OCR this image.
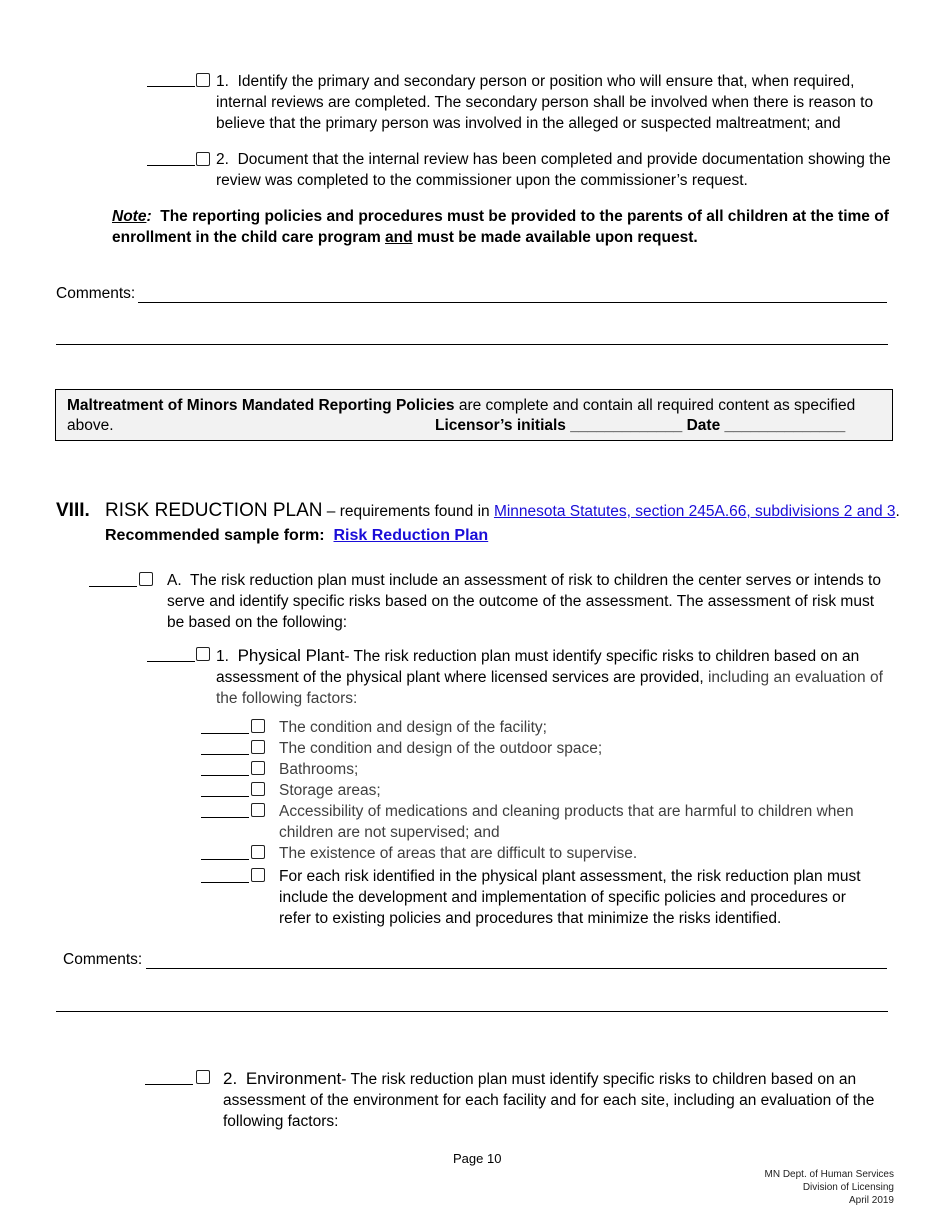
1. Identify the primary and secondary person or position who will ensure that, when required, internal reviews are completed. The secondary person shall be involved when there is reason to believe that the primary person was involved in the alleged or suspected maltreatment; and
2. Document that the internal review has been completed and provide documentation showing the review was completed to the commissioner upon the commissioner’s request.
Note: The reporting policies and procedures must be provided to the parents of all children at the time of enrollment in the child care program and must be made available upon request.
Comments:
Maltreatment of Minors Mandated Reporting Policies are complete and contain all required content as specified
above.	Licensor’s initials _____________ Date ______________
VIII. RISK REDUCTION PLAN – requirements found in Minnesota Statutes, section 245A.66, subdivisions 2 and 3.
Recommended sample form: Risk Reduction Plan
A. The risk reduction plan must include an assessment of risk to children the center serves or intends to serve and identify specific risks based on the outcome of the assessment. The assessment of risk must be based on the following:
1. Physical Plant- The risk reduction plan must identify specific risks to children based on an assessment of the physical plant where licensed services are provided, including an evaluation of the following factors:
The condition and design of the facility;
The condition and design of the outdoor space;
Bathrooms;
Storage areas;
Accessibility of medications and cleaning products that are harmful to children when children are not supervised; and
The existence of areas that are difficult to supervise.
For each risk identified in the physical plant assessment, the risk reduction plan must include the development and implementation of specific policies and procedures or refer to existing policies and procedures that minimize the risks identified.
Comments:
2. Environment- The risk reduction plan must identify specific risks to children based on an assessment of the environment for each facility and for each site, including an evaluation of the following factors:
Page 10
MN Dept. of Human Services
Division of Licensing
April 2019
